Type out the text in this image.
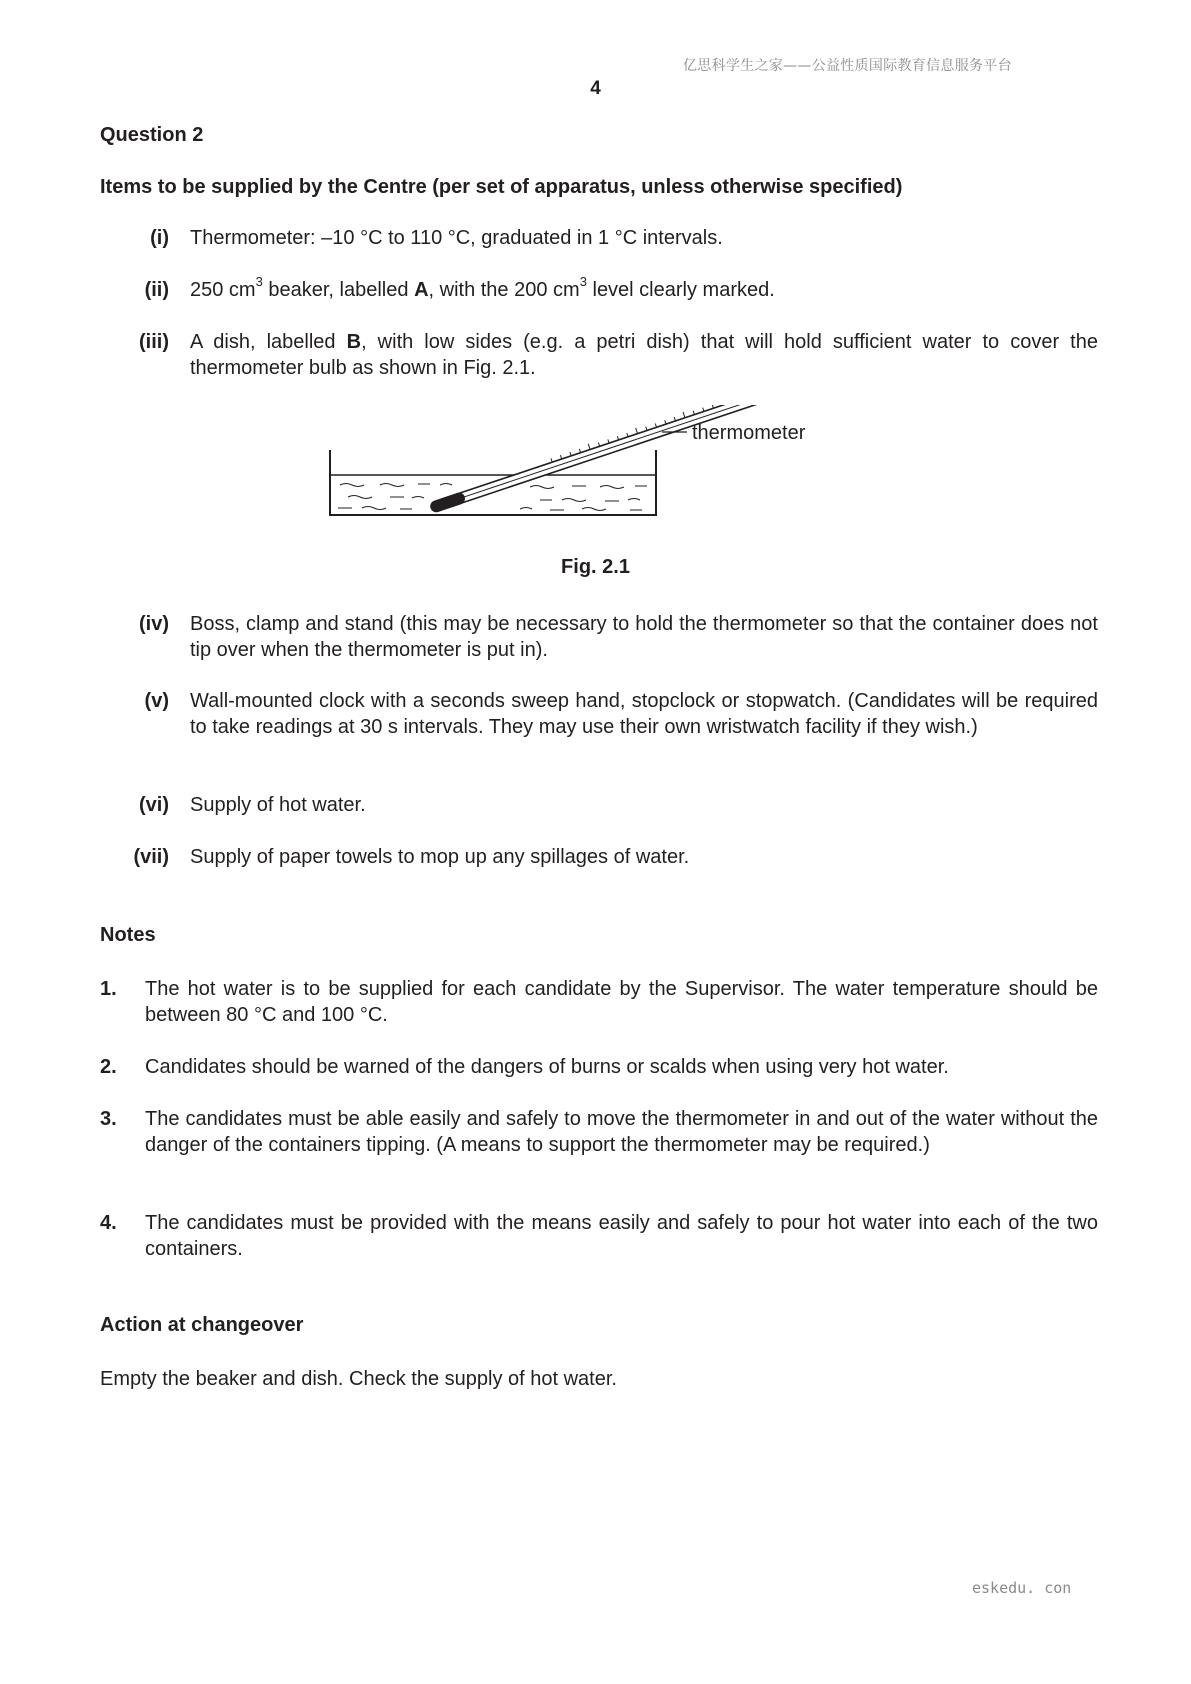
亿思科学生之家——公益性质国际教育信息服务平台
4
Question 2
Items to be supplied by the Centre (per set of apparatus, unless otherwise specified)
(i) Thermometer: –10 °C to 110 °C, graduated in 1 °C intervals.
(ii) 250 $cm^3$ beaker, labelled A, with the 200 $cm^3$ level clearly marked.
(iii) A dish, labelled B, with low sides (e.g. a petri dish) that will hold sufficient water to cover the thermometer bulb as shown in Fig. 2.1.
thermometer
Fig. 2.1
(iv) Boss, clamp and stand (this may be necessary to hold the thermometer so that the container does not tip over when the thermometer is put in).
(v) Wall-mounted clock with a seconds sweep hand, stopclock or stopwatch. (Candidates will be required to take readings at 30 s intervals. They may use their own wristwatch facility if they wish.)
(vi) Supply of hot water.
(vii) Supply of paper towels to mop up any spillages of water.
Notes
1. The hot water is to be supplied for each candidate by the Supervisor. The water temperature should be between 80 °C and 100 °C.
2. Candidates should be warned of the dangers of burns or scalds when using very hot water.
3. The candidates must be able easily and safely to move the thermometer in and out of the water without the danger of the containers tipping. (A means to support the thermometer may be required.)
4. The candidates must be provided with the means easily and safely to pour hot water into each of the two containers.
Action at changeover
Empty the beaker and dish. Check the supply of hot water.
eskedu. con
